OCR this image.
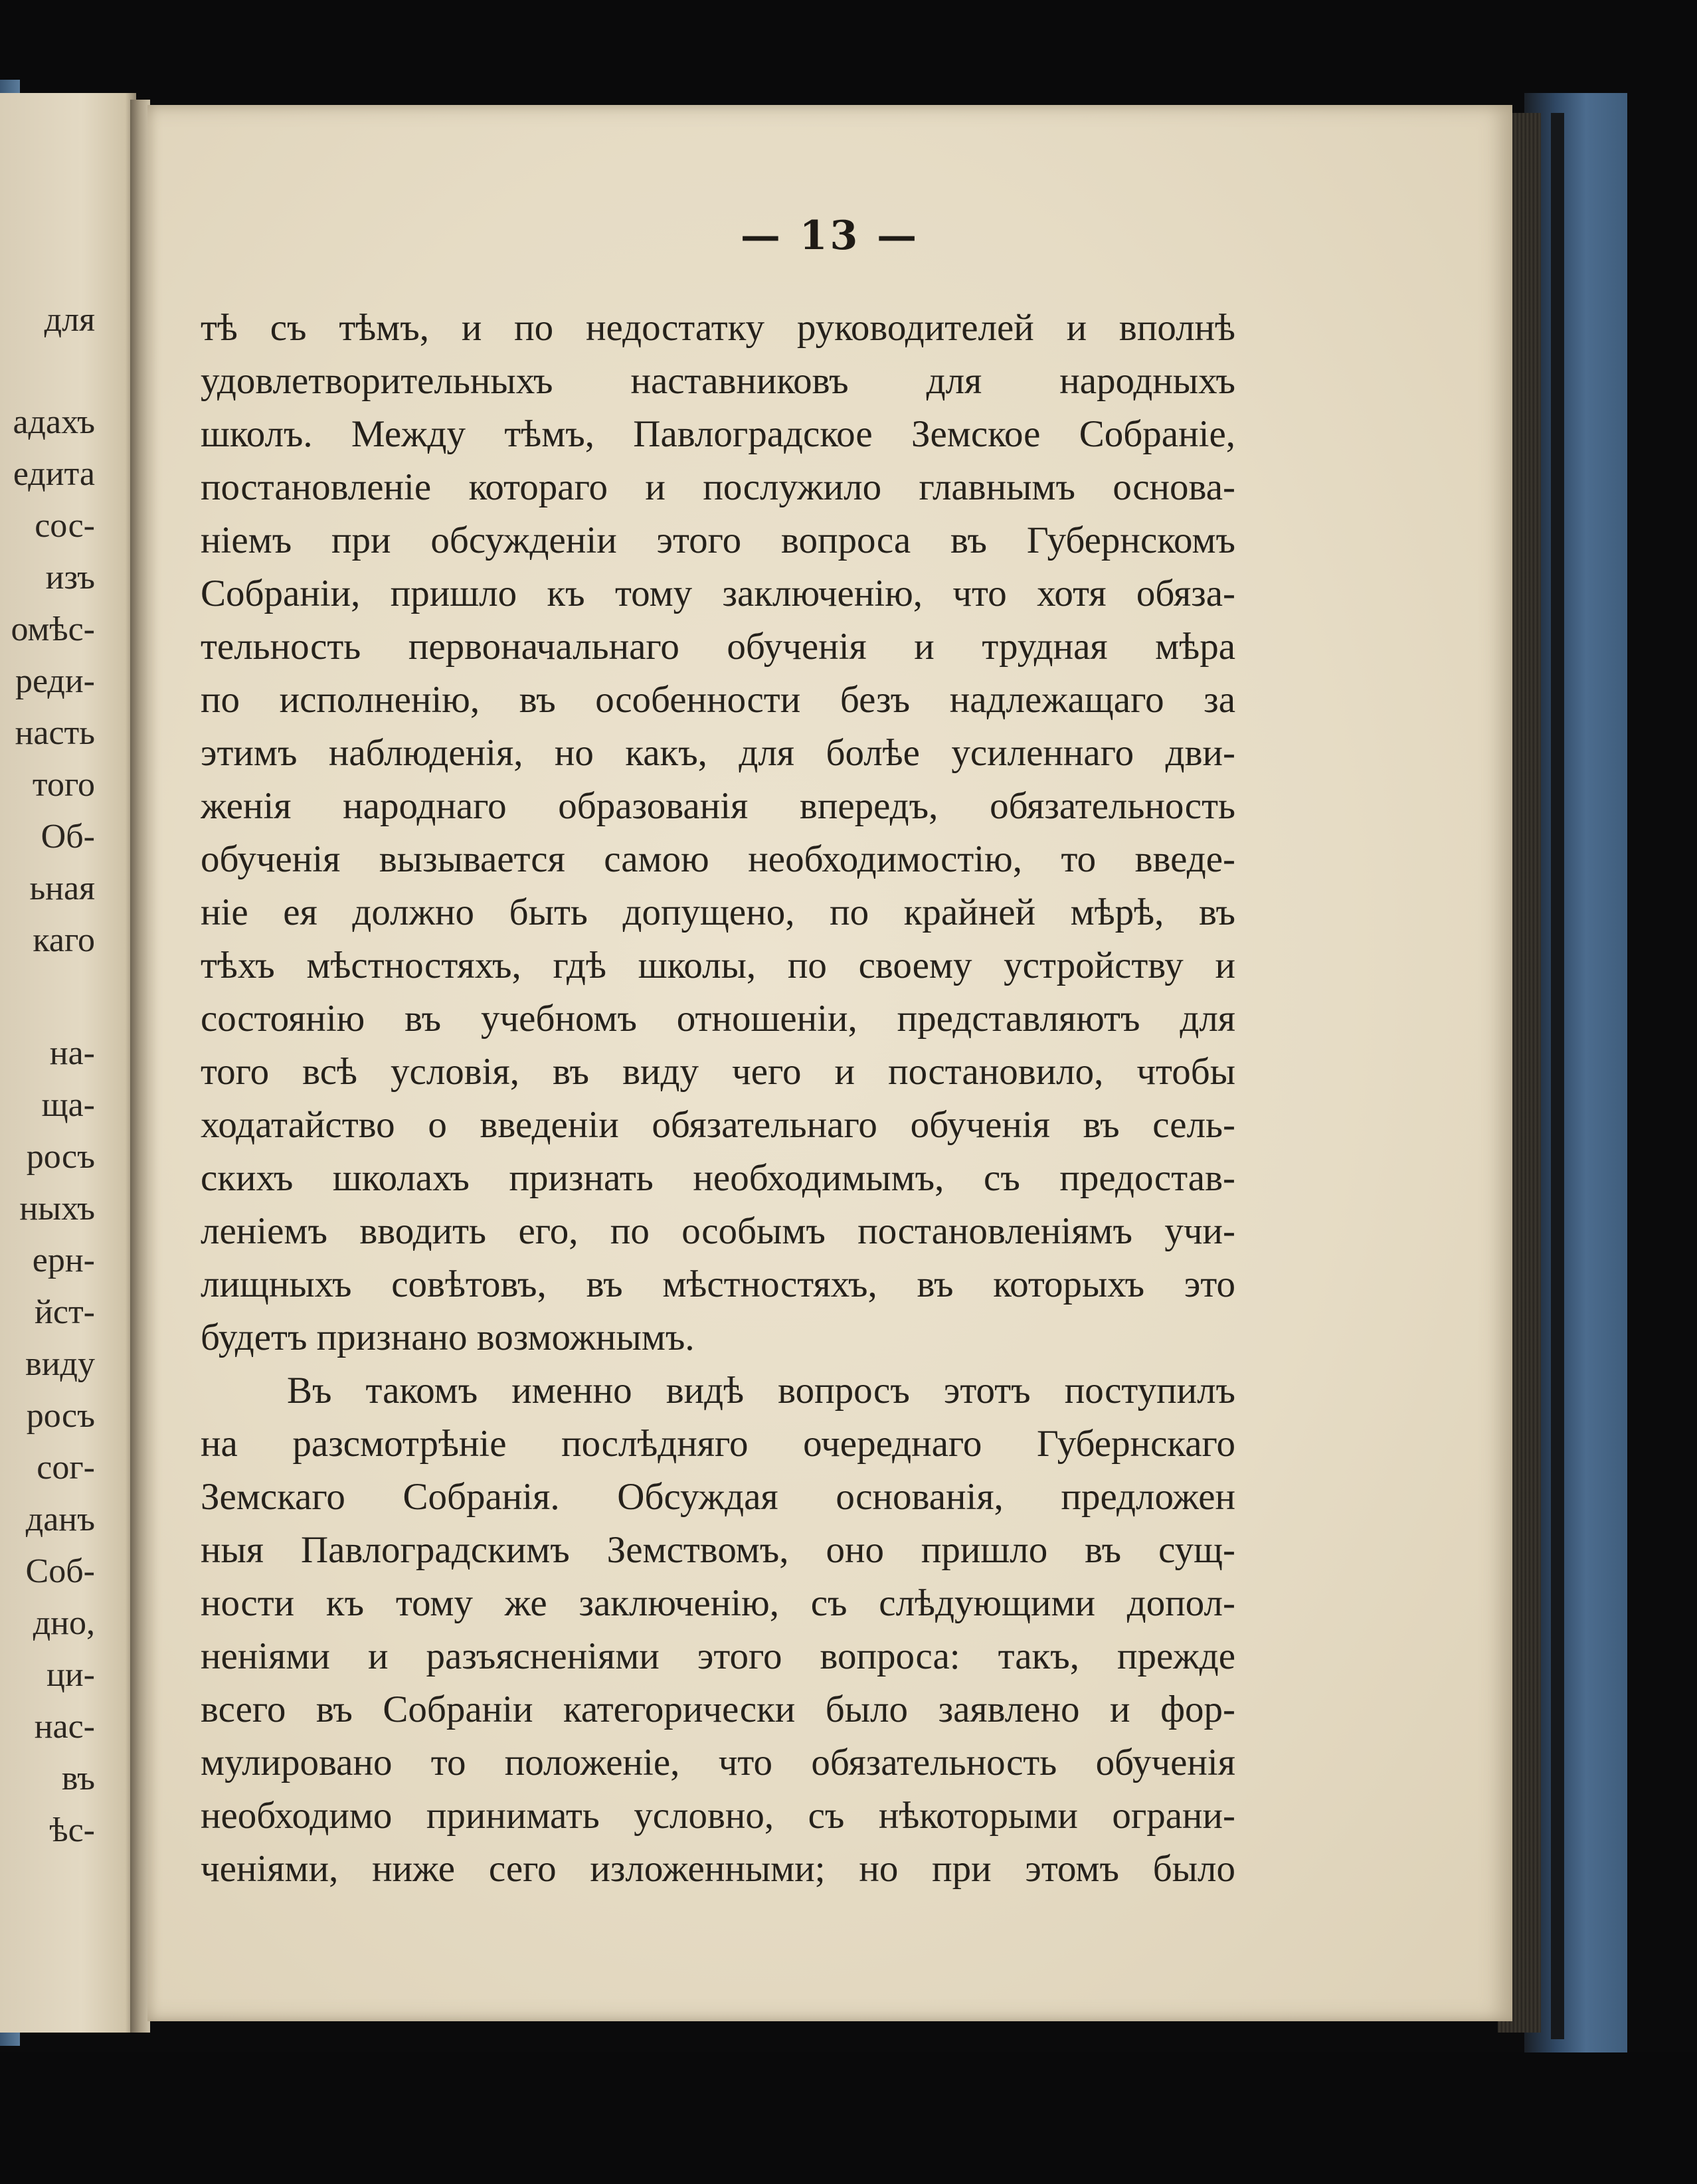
для
адахъ
едита
сос-
изъ
омѣс-
реди-
насть
того
Об-
ьная
каго
на-
ща-
росъ
ныхъ
ерн-
йст-
виду
росъ
сог-
данъ
Соб-
дно,
ци-
нас-
въ
ѣс-
— 13 —
тѣ съ тѣмъ, и по недостатку руководителей и вполнѣ
удовлетворительныхъ наставниковъ для народныхъ
школъ. Между тѣмъ, Павлоградское Земское Собраніе,
постановленіе котораго и послужило главнымъ основа-
ніемъ при обсужденіи этого вопроса въ Губернскомъ
Собраніи, пришло къ тому заключенію, что хотя обяза-
тельность первоначальнаго обученія и трудная мѣра
по исполненію, въ особенности безъ надлежащаго за
этимъ наблюденія, но какъ, для болѣе усиленнаго дви-
женія народнаго образованія впередъ, обязательность
обученія вызывается самою необходимостію, то введе-
ніе ея должно быть допущено, по крайней мѣрѣ, въ
тѣхъ мѣстностяхъ, гдѣ школы, по своему устройству и
состоянію въ учебномъ отношеніи, представляютъ для
того всѣ условія, въ виду чего и постановило, чтобы
ходатайство о введеніи обязательнаго обученія въ сель-
скихъ школахъ признать необходимымъ, съ предостав-
леніемъ вводить его, по особымъ постановленіямъ учи-
лищныхъ совѣтовъ, въ мѣстностяхъ, въ которыхъ это
будетъ признано возможнымъ.
Въ такомъ именно видѣ вопросъ этотъ поступилъ
на разсмотрѣніе послѣдняго очереднаго Губернскаго
Земскаго Собранія. Обсуждая основанія, предложен
ныя Павлоградскимъ Земствомъ, оно пришло въ сущ-
ности къ тому же заключенію, съ слѣдующими допол-
неніями и разъясненіями этого вопроса: такъ, прежде
всего въ Собраніи категорически было заявлено и фор-
мулировано то положеніе, что обязательность обученія
необходимо принимать условно, съ нѣкоторыми ограни-
ченіями, ниже сего изложенными; но при этомъ было
